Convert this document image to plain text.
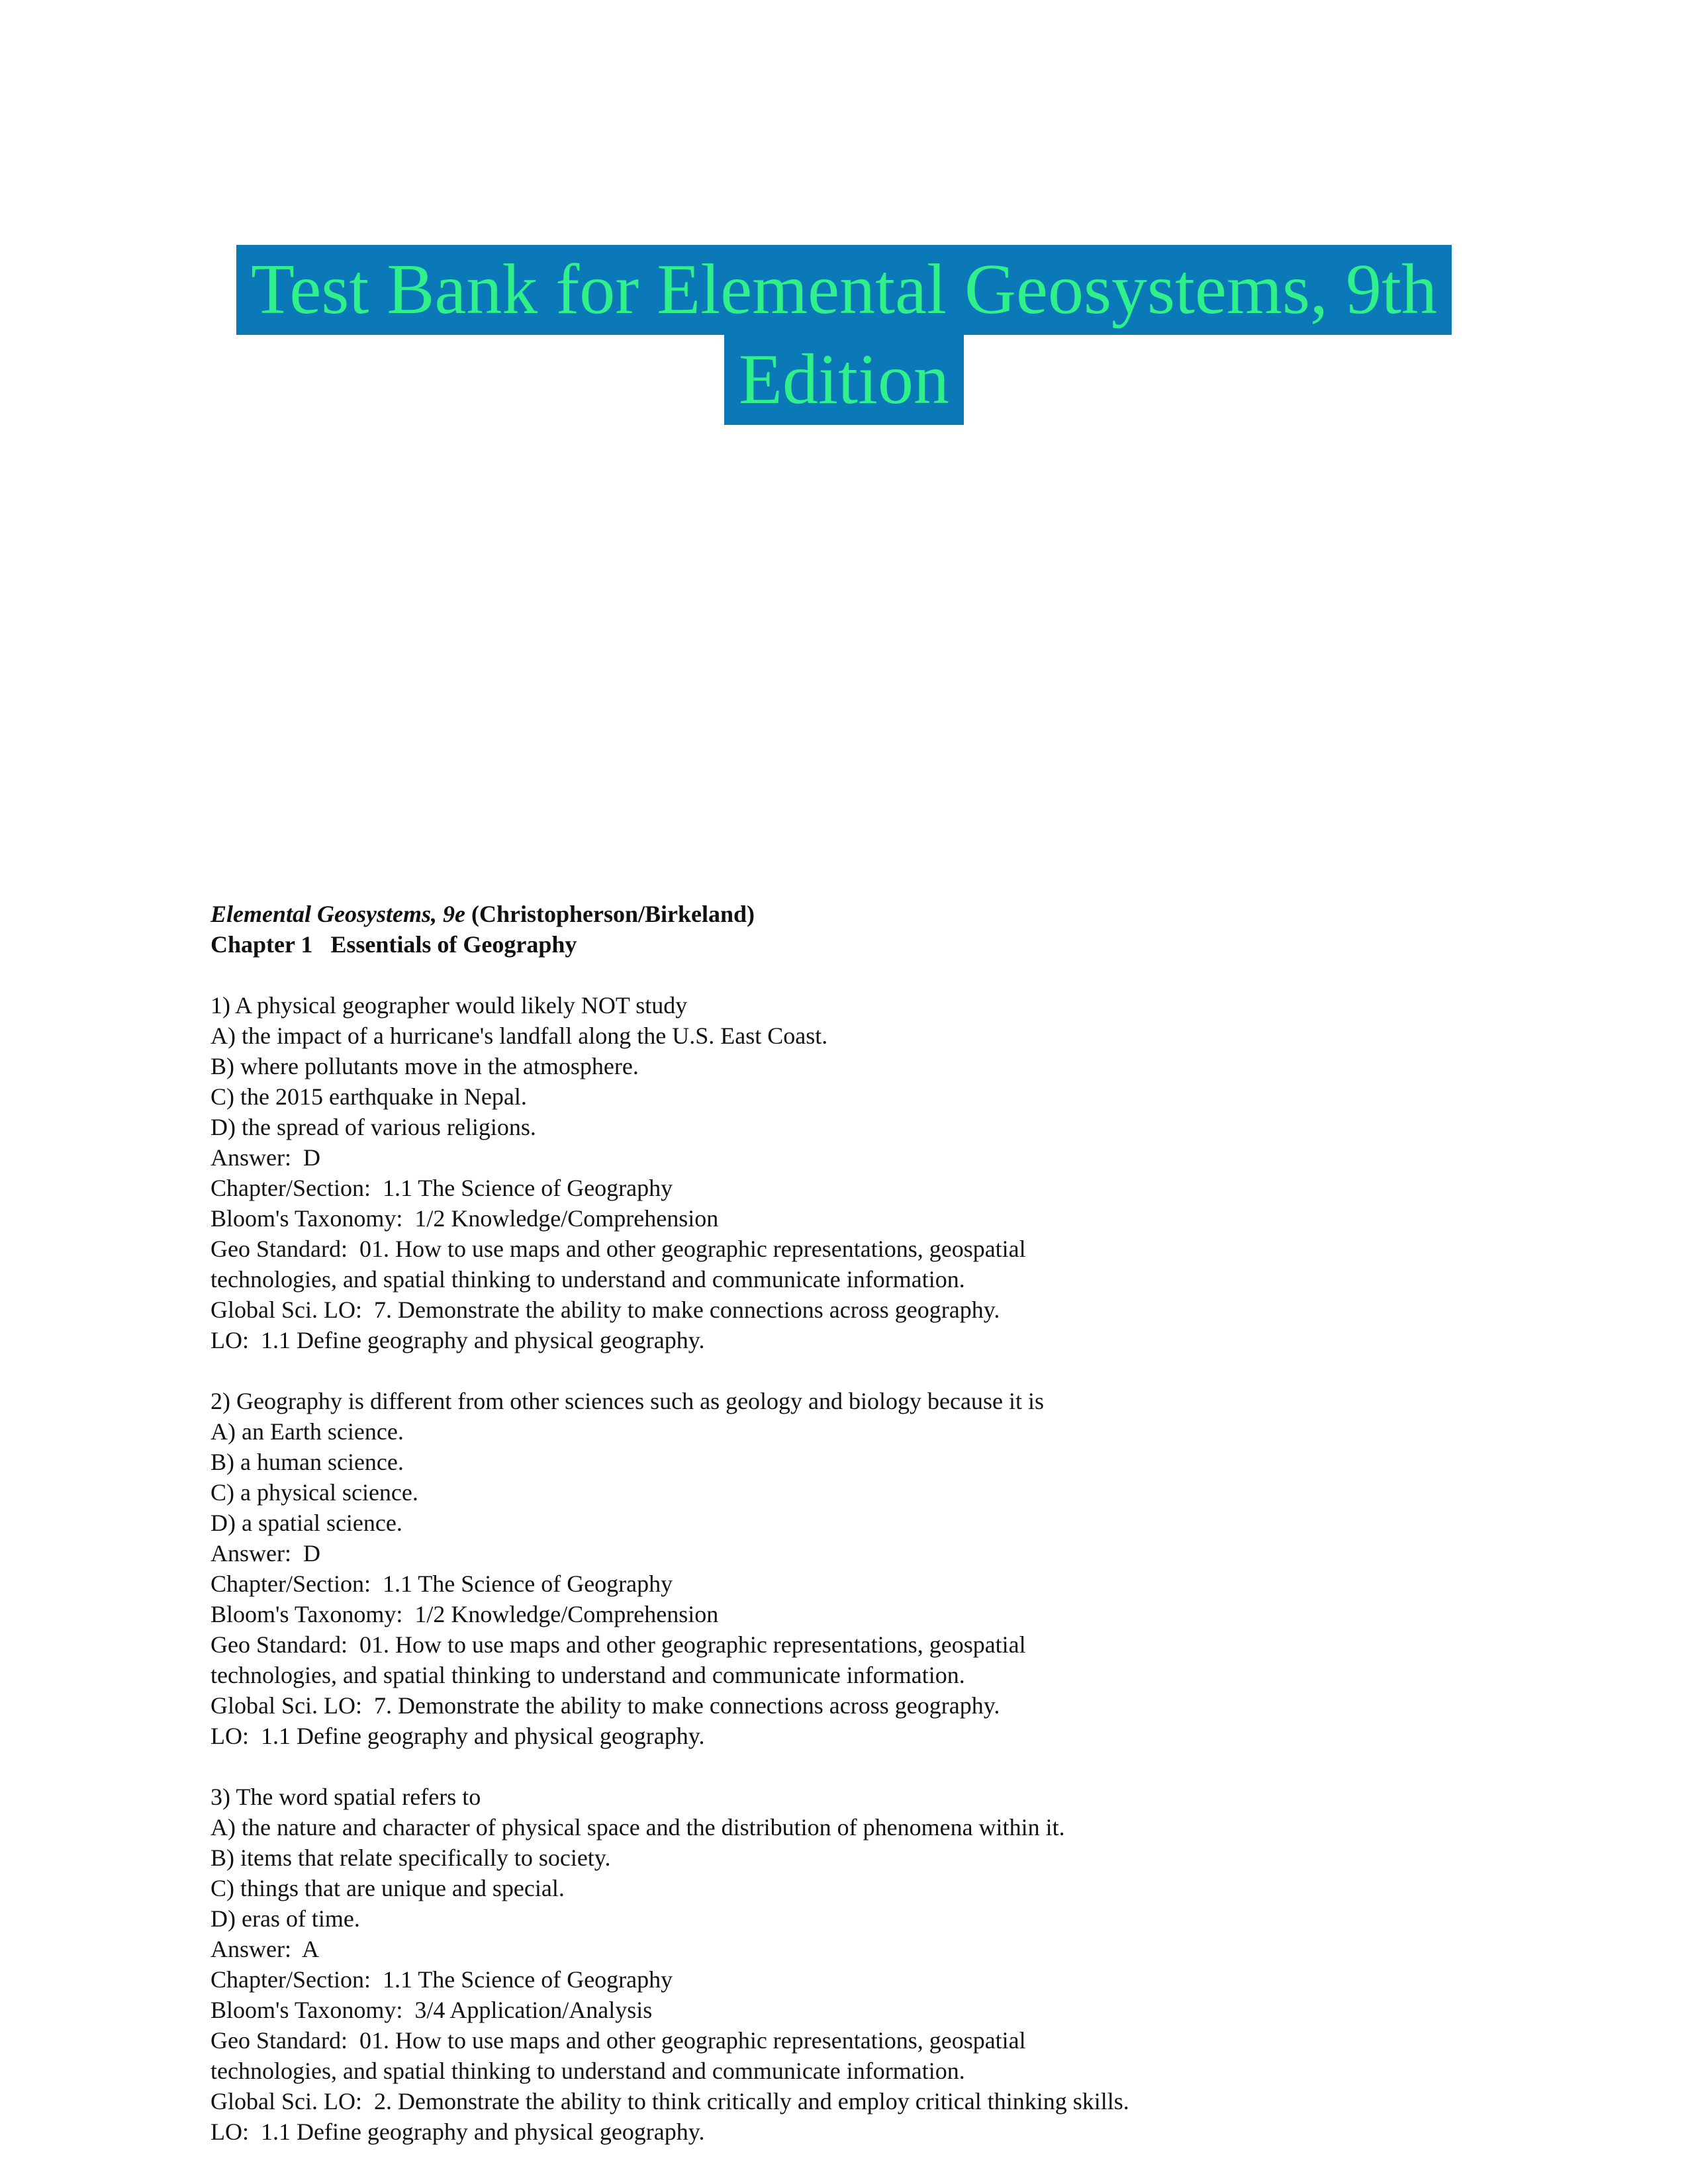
Test Bank for Elemental Geosystems, 9th
Edition
Elemental Geosystems, 9e (Christopherson/Birkeland)
Chapter 1   Essentials of Geography
1) A physical geographer would likely NOT study
A) the impact of a hurricane's landfall along the U.S. East Coast.
B) where pollutants move in the atmosphere.
C) the 2015 earthquake in Nepal.
D) the spread of various religions.
Answer:  D
Chapter/Section:  1.1 The Science of Geography
Bloom's Taxonomy:  1/2 Knowledge/Comprehension
Geo Standard:  01. How to use maps and other geographic representations, geospatial
technologies, and spatial thinking to understand and communicate information.
Global Sci. LO:  7. Demonstrate the ability to make connections across geography.
LO:  1.1 Define geography and physical geography.
2) Geography is different from other sciences such as geology and biology because it is
A) an Earth science.
B) a human science.
C) a physical science.
D) a spatial science.
Answer:  D
Chapter/Section:  1.1 The Science of Geography
Bloom's Taxonomy:  1/2 Knowledge/Comprehension
Geo Standard:  01. How to use maps and other geographic representations, geospatial
technologies, and spatial thinking to understand and communicate information.
Global Sci. LO:  7. Demonstrate the ability to make connections across geography.
LO:  1.1 Define geography and physical geography.
3) The word spatial refers to
A) the nature and character of physical space and the distribution of phenomena within it.
B) items that relate specifically to society.
C) things that are unique and special.
D) eras of time.
Answer:  A
Chapter/Section:  1.1 The Science of Geography
Bloom's Taxonomy:  3/4 Application/Analysis
Geo Standard:  01. How to use maps and other geographic representations, geospatial
technologies, and spatial thinking to understand and communicate information.
Global Sci. LO:  2. Demonstrate the ability to think critically and employ critical thinking skills.
LO:  1.1 Define geography and physical geography.
